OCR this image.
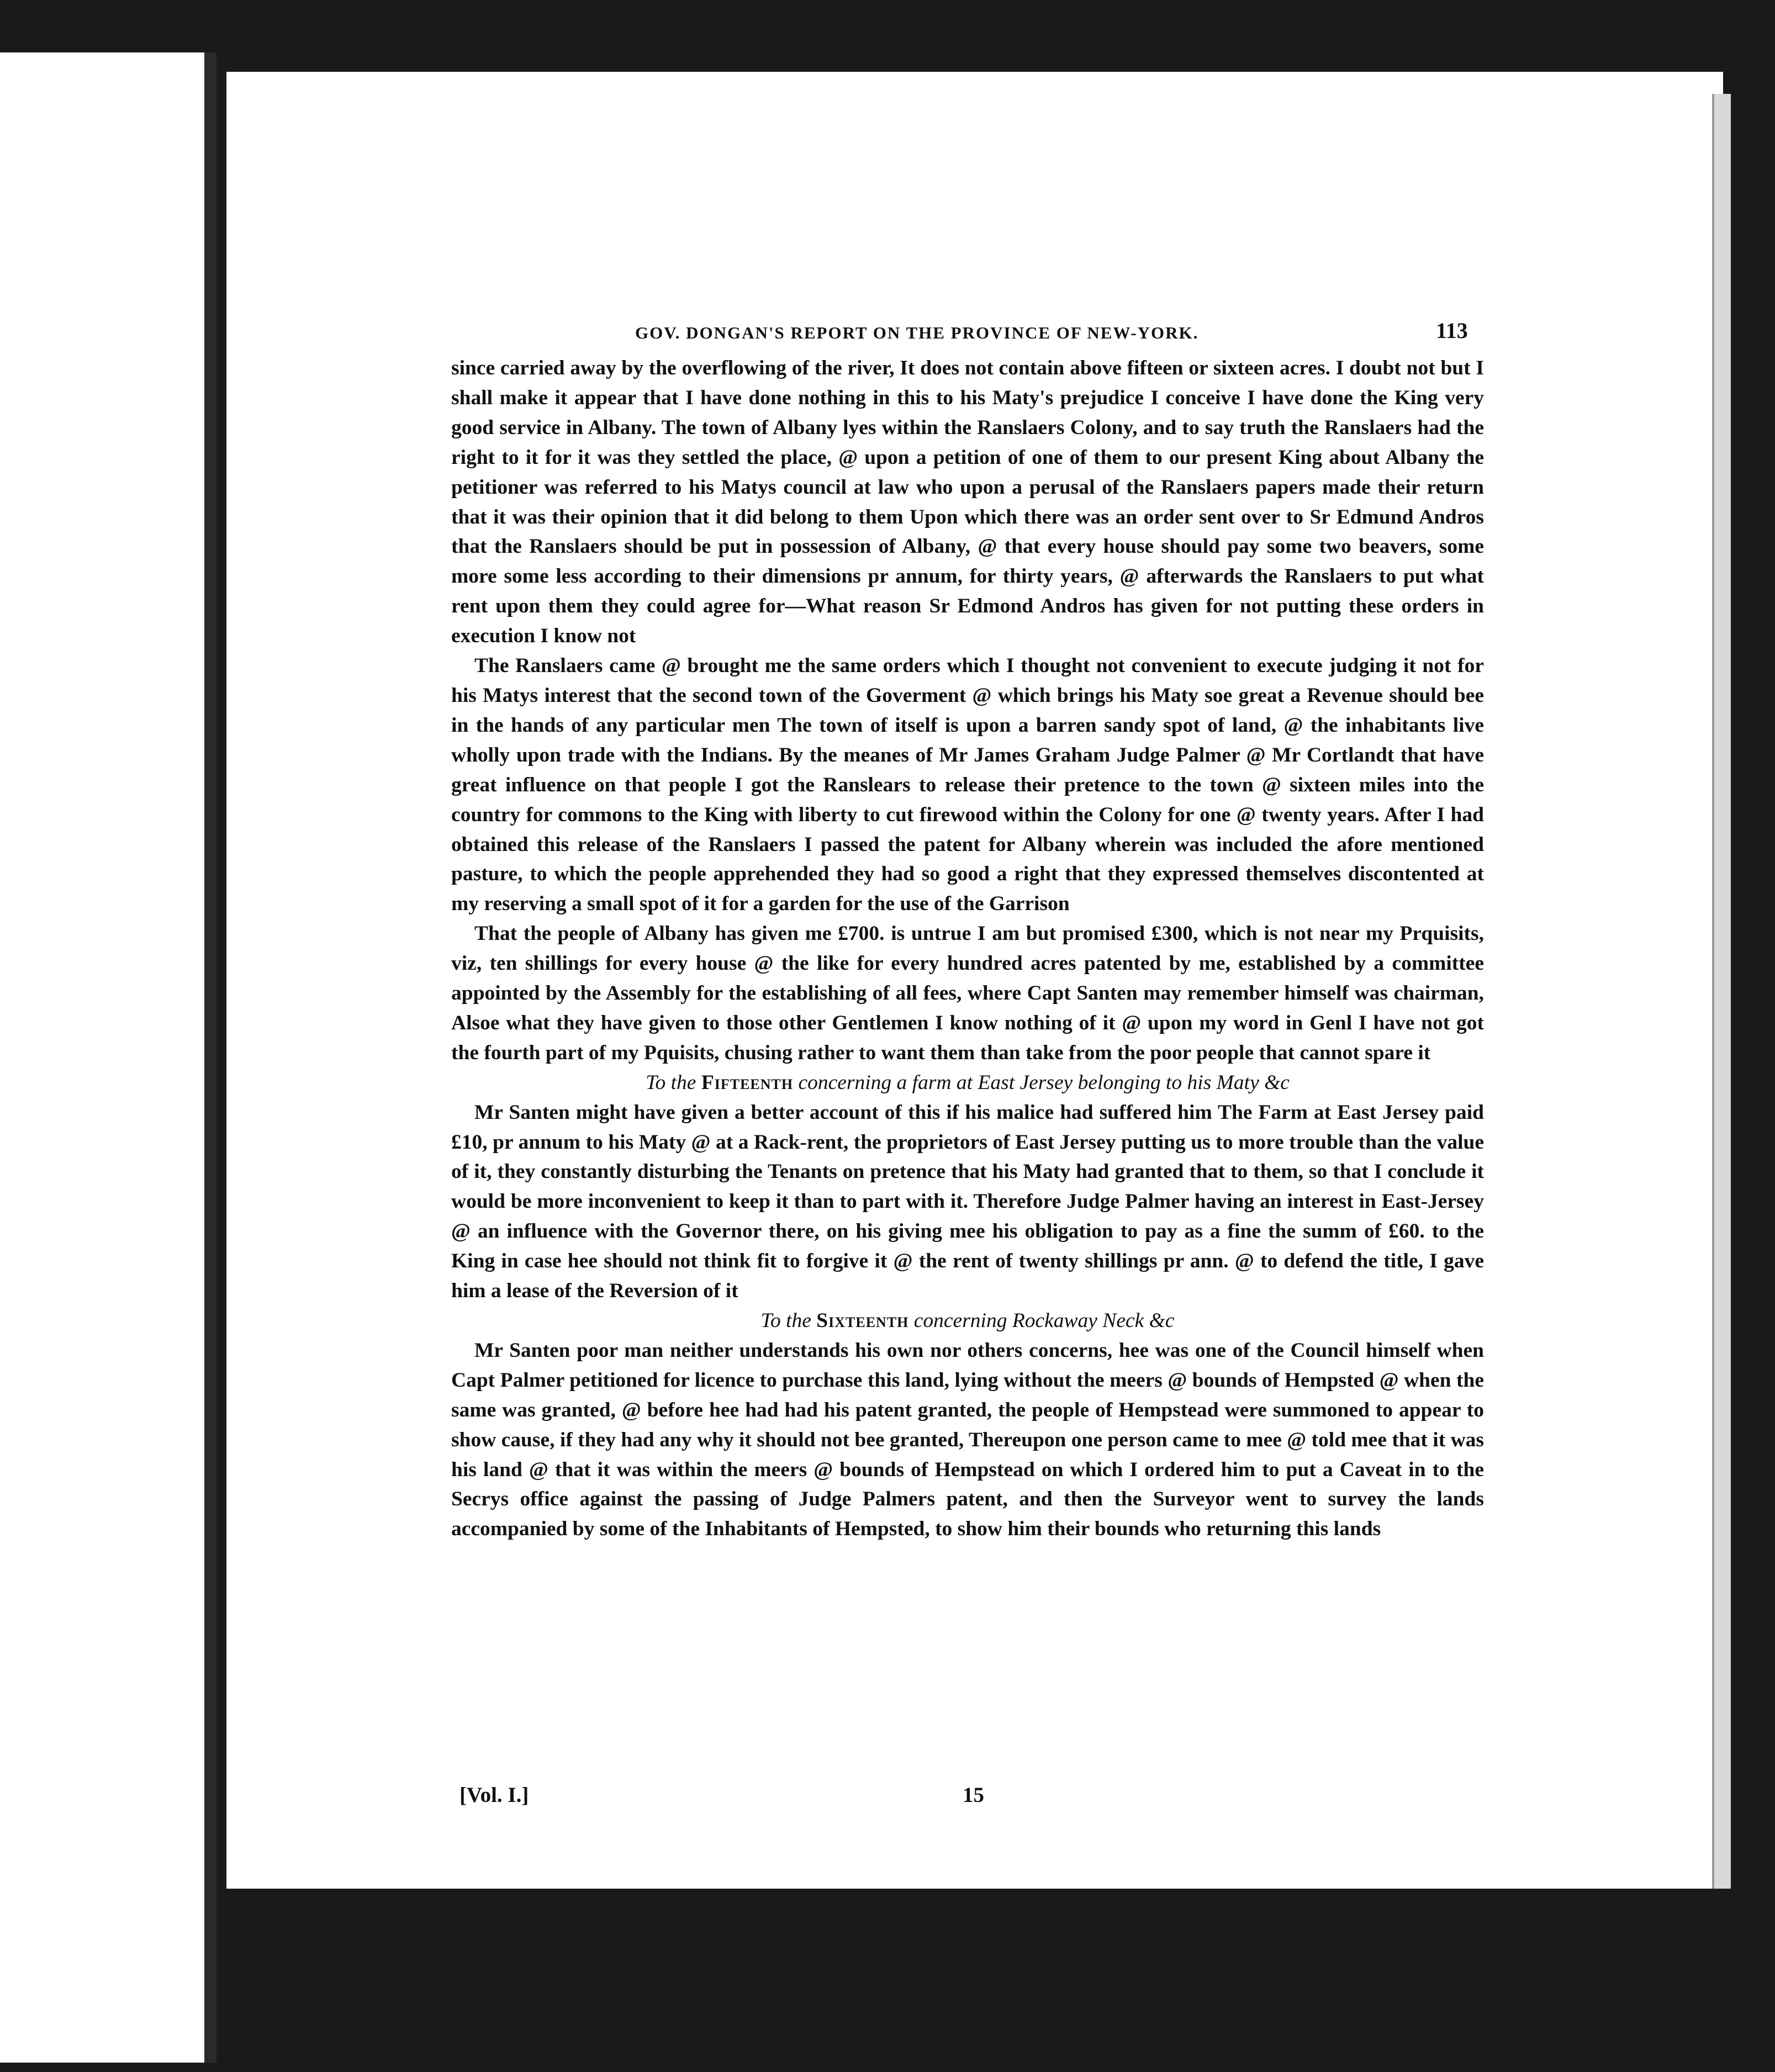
GOV. DONGAN'S REPORT ON THE PROVINCE OF NEW-YORK.	113

since carried away by the overflowing of the river, It does not contain above fifteen or sixteen acres. I doubt not but I shall make it appear that I have done nothing in this to his Maty's prejudice I conceive I have done the King very good service in Albany. The town of Albany lyes within the Ranslaers Colony, and to say truth the Ranslaers had the right to it for it was they settled the place, @ upon a petition of one of them to our present King about Albany the petitioner was referred to his Matys council at law who upon a perusal of the Ranslaers papers made their return that it was their opinion that it did belong to them Upon which there was an order sent over to Sr Edmund Andros that the Ranslaers should be put in possession of Albany, @ that every house should pay some two beavers, some more some less according to their dimensions pr annum, for thirty years, @ afterwards the Ranslaers to put what rent upon them they could agree for—What reason Sr Edmond Andros has given for not putting these orders in execution I know not

The Ranslaers came @ brought me the same orders which I thought not convenient to execute judging it not for his Matys interest that the second town of the Goverment @ which brings his Maty soe great a Revenue should bee in the hands of any particular men The town of itself is upon a barren sandy spot of land, @ the inhabitants live wholly upon trade with the Indians. By the meanes of Mr James Graham Judge Palmer @ Mr Cortlandt that have great influence on that people I got the Ranslears to release their pretence to the town @ sixteen miles into the country for commons to the King with liberty to cut firewood within the Colony for one @ twenty years. After I had obtained this release of the Ranslaers I passed the patent for Albany wherein was included the afore mentioned pasture, to which the people apprehended they had so good a right that they expressed themselves discontented at my reserving a small spot of it for a garden for the use of the Garrison

That the people of Albany has given me £700. is untrue I am but promised £300, which is not near my Prquisits, viz, ten shillings for every house @ the like for every hundred acres patented by me, established by a committee appointed by the Assembly for the establishing of all fees, where Capt Santen may remember himself was chairman, Alsoe what they have given to those other Gentlemen I know nothing of it @ upon my word in Genl I have not got the fourth part of my Pquisits, chusing rather to want them than take from the poor people that cannot spare it

To the Fifteenth concerning a farm at East Jersey belonging to his Maty &c

Mr Santen might have given a better account of this if his malice had suffered him The Farm at East Jersey paid £10, pr annum to his Maty @ at a Rack-rent, the proprietors of East Jersey putting us to more trouble than the value of it, they constantly disturbing the Tenants on pretence that his Maty had granted that to them, so that I conclude it would be more inconvenient to keep it than to part with it. Therefore Judge Palmer having an interest in East-Jersey @ an influence with the Governor there, on his giving mee his obligation to pay as a fine the summ of £60. to the King in case hee should not think fit to forgive it @ the rent of twenty shillings pr ann. @ to defend the title, I gave him a lease of the Reversion of it

To the Sixteenth concerning Rockaway Neck &c

Mr Santen poor man neither understands his own nor others concerns, hee was one of the Council himself when Capt Palmer petitioned for licence to purchase this land, lying without the meers @ bounds of Hempsted @ when the same was granted, @ before hee had had his patent granted, the people of Hempstead were summoned to appear to show cause, if they had any why it should not bee granted, Thereupon one person came to mee @ told mee that it was his land @ that it was within the meers @ bounds of Hempstead on which I ordered him to put a Caveat in to the Secrys office against the passing of Judge Palmers patent, and then the Surveyor went to survey the lands accompanied by some of the Inhabitants of Hempsted, to show him their bounds who returning this lands

[Vol. I.]	15
